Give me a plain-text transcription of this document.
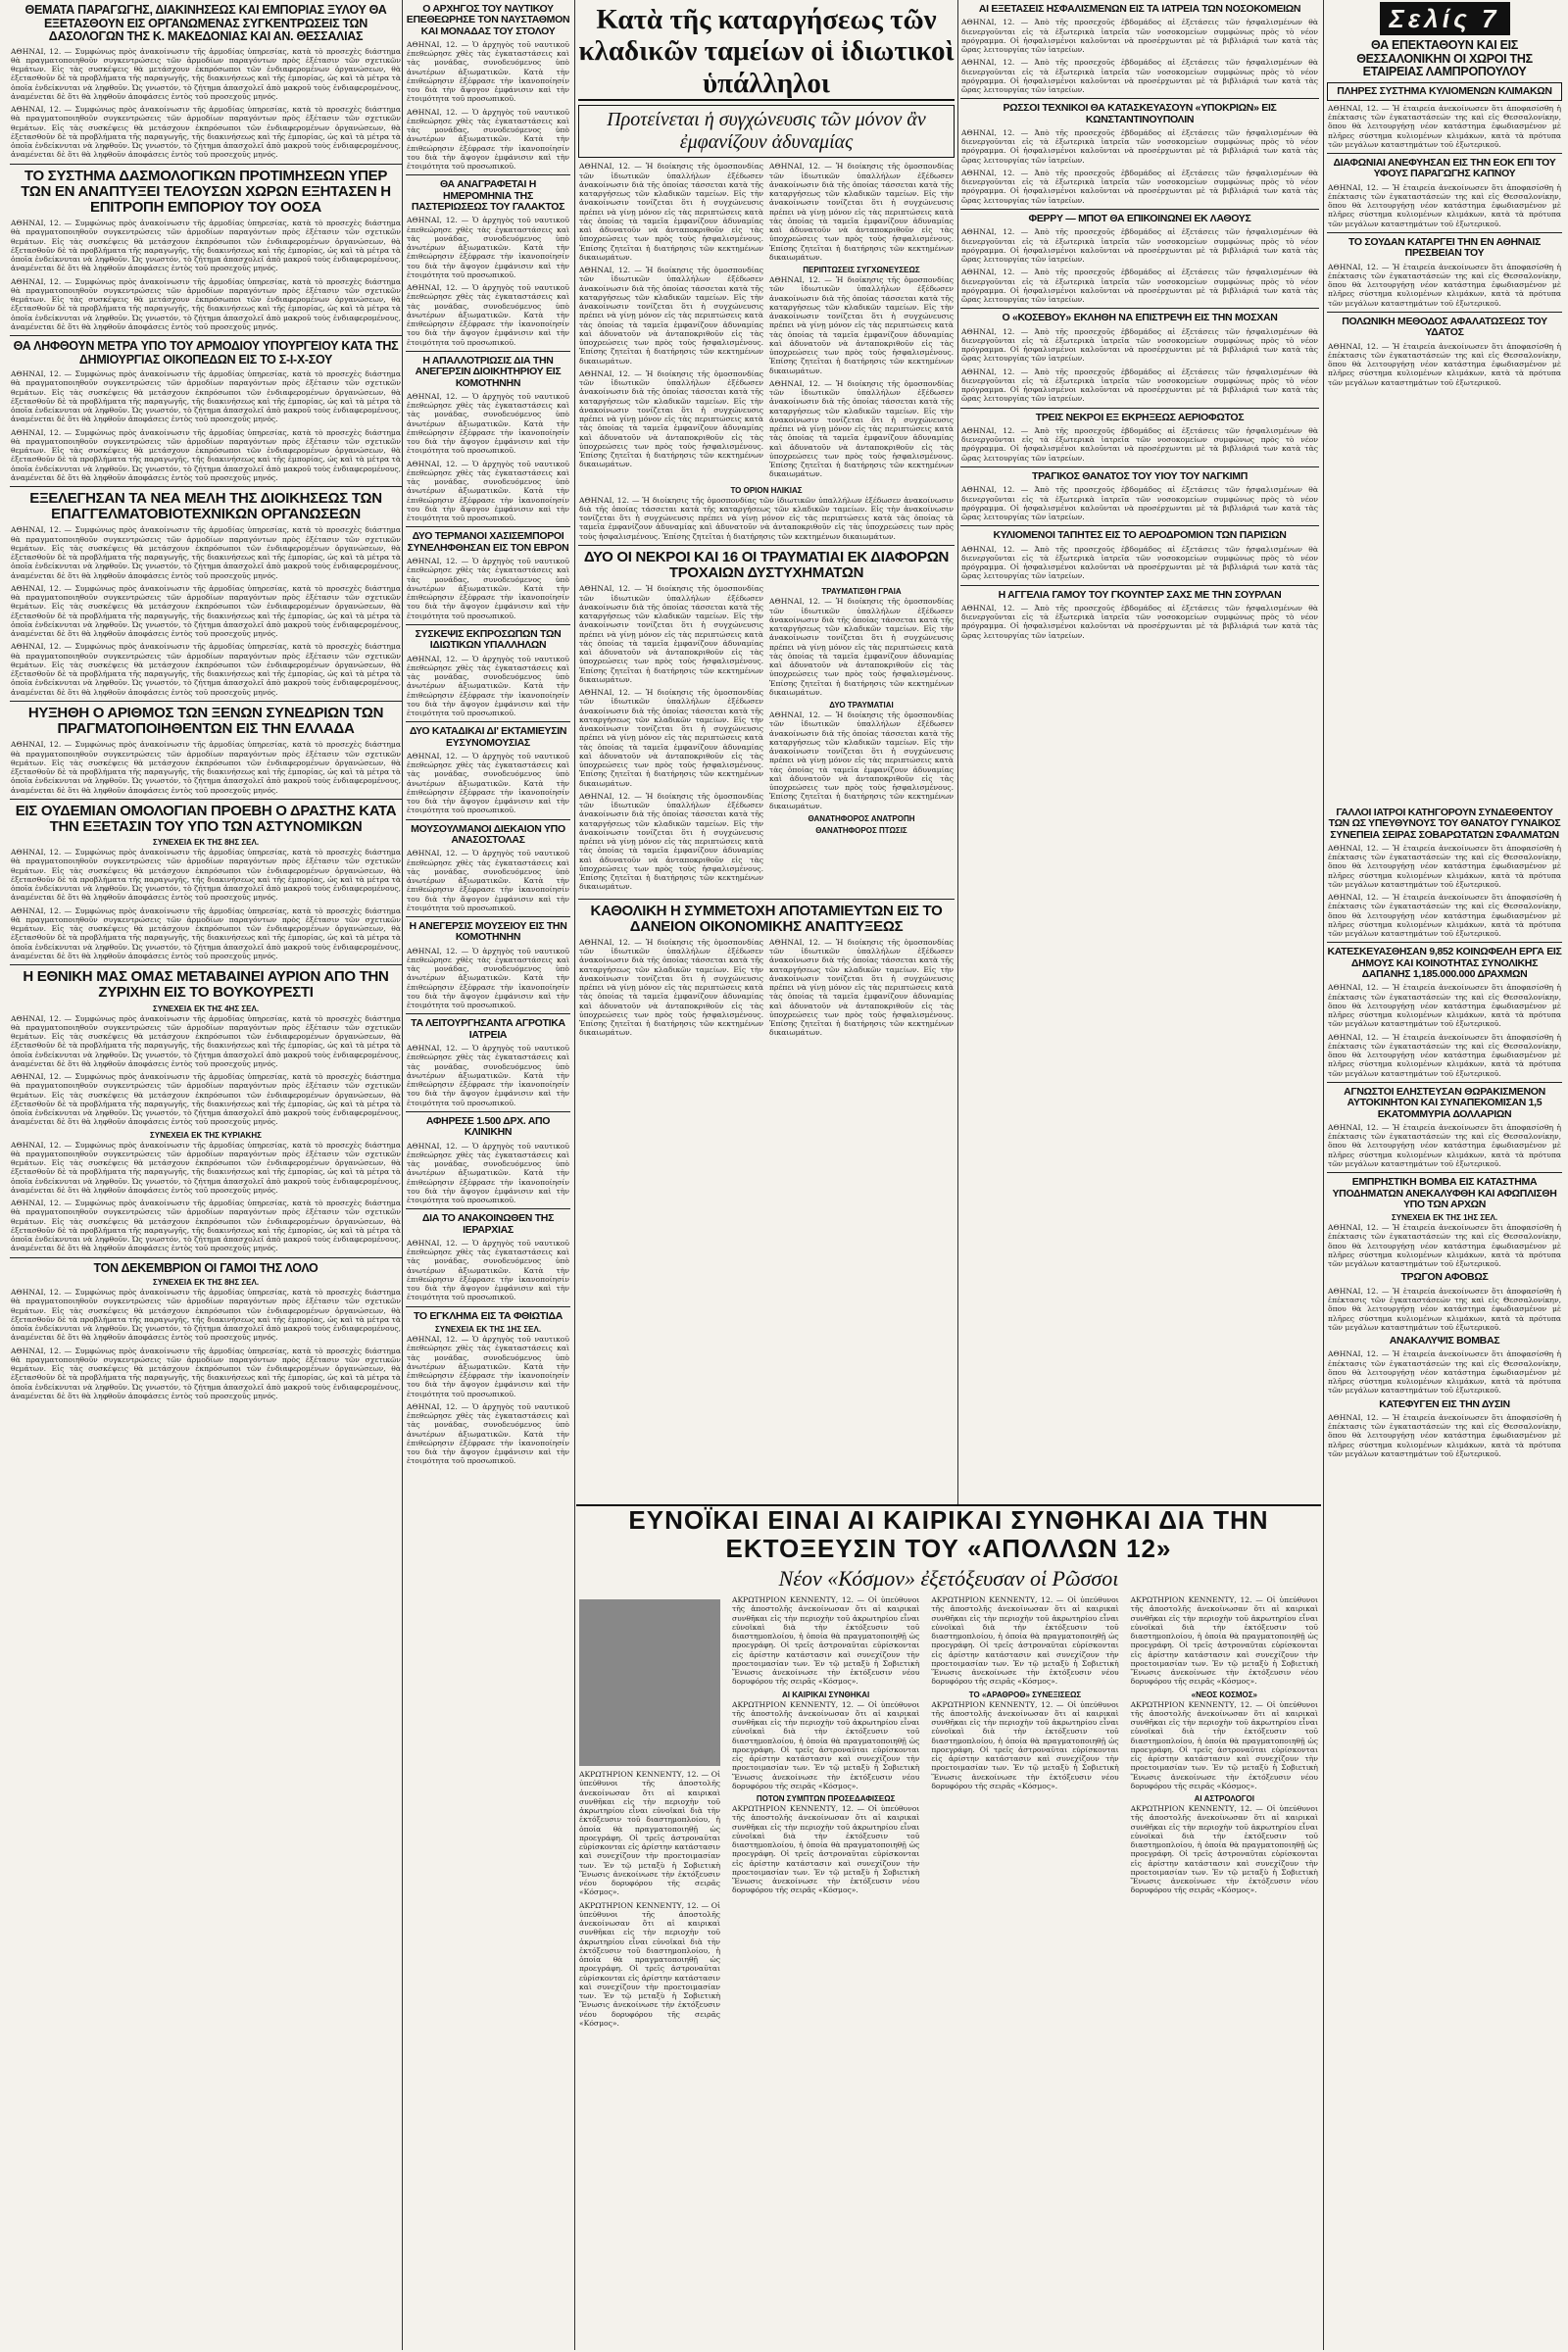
ΘΕΜΑΤΑ ΠΑΡΑΓΩΓΗΣ, ΔΙΑΚΙΝΗΣΕΩΣ ΚΑΙ ΕΜΠΟΡΙΑΣ ΞΥΛΟΥ ΘΑ ΕΞΕΤΑΣΘΟΥΝ ΕΙΣ ΟΡΓΑΝΩΜΕΝΑΣ ΣΥΓΚΕΝΤΡΩΣΕΙΣ ΤΩΝ ΔΑΣΟΛΟΓΩΝ ΤΗΣ Κ. ΜΑΚΕΔΟΝΙΑΣ ΚΑΙ ΑΝ. ΘΕΣΣΑΛΙΑΣ

ΑΘΗΝΑΙ, 12. — Συμφώνως πρὸς ἀνακοίνωσιν τῆς ἁρμοδίας ὑπηρεσίας, κατὰ τὸ προσεχὲς διάστημα θὰ πραγματοποιηθοῦν συγκεντρώσεις τῶν ἁρμοδίων παραγόντων πρὸς ἐξέτασιν τῶν σχετικῶν θεμάτων. Εἰς τὰς συσκέψεις θὰ μετάσχουν ἐκπρόσωποι τῶν ἐνδιαφερομένων ὀργανώσεων, θὰ ἐξετασθοῦν δὲ τὰ προβλήματα τῆς παραγωγῆς, τῆς διακινήσεως καὶ τῆς ἐμπορίας, ὡς καὶ τὰ μέτρα τὰ ὁποῖα ἐνδείκνυται νὰ ληφθοῦν. Ὡς γνωστόν, τὸ ζήτημα ἀπασχολεῖ ἀπὸ μακροῦ τοὺς ἐνδιαφερομένους, ἀναμένεται δὲ ὅτι θὰ ληφθοῦν ἀποφάσεις ἐντὸς τοῦ προσεχοῦς μηνός.

ΑΘΗΝΑΙ, 12. — Συμφώνως πρὸς ἀνακοίνωσιν τῆς ἁρμοδίας ὑπηρεσίας, κατὰ τὸ προσεχὲς διάστημα θὰ πραγματοποιηθοῦν συγκεντρώσεις τῶν ἁρμοδίων παραγόντων πρὸς ἐξέτασιν τῶν σχετικῶν θεμάτων. Εἰς τὰς συσκέψεις θὰ μετάσχουν ἐκπρόσωποι τῶν ἐνδιαφερομένων ὀργανώσεων, θὰ ἐξετασθοῦν δὲ τὰ προβλήματα τῆς παραγωγῆς, τῆς διακινήσεως καὶ τῆς ἐμπορίας, ὡς καὶ τὰ μέτρα τὰ ὁποῖα ἐνδείκνυται νὰ ληφθοῦν. Ὡς γνωστόν, τὸ ζήτημα ἀπασχολεῖ ἀπὸ μακροῦ τοὺς ἐνδιαφερομένους, ἀναμένεται δὲ ὅτι θὰ ληφθοῦν ἀποφάσεις ἐντὸς τοῦ προσεχοῦς μηνός.

ΤΟ ΣΥΣΤΗΜΑ ΔΑΣΜΟΛΟΓΙΚΩΝ ΠΡΟΤΙΜΗΣΕΩΝ ΥΠΕΡ ΤΩΝ ΕΝ ΑΝΑΠΤΥΞΕΙ ΤΕΛΟΥΣΩΝ ΧΩΡΩΝ ΕΞΗΤΑΣΕΝ Η ΕΠΙΤΡΟΠΗ ΕΜΠΟΡΙΟΥ ΤΟΥ ΟΟΣΑ

ΑΘΗΝΑΙ, 12. — Συμφώνως πρὸς ἀνακοίνωσιν τῆς ἁρμοδίας ὑπηρεσίας, κατὰ τὸ προσεχὲς διάστημα θὰ πραγματοποιηθοῦν συγκεντρώσεις τῶν ἁρμοδίων παραγόντων πρὸς ἐξέτασιν τῶν σχετικῶν θεμάτων. Εἰς τὰς συσκέψεις θὰ μετάσχουν ἐκπρόσωποι τῶν ἐνδιαφερομένων ὀργανώσεων, θὰ ἐξετασθοῦν δὲ τὰ προβλήματα τῆς παραγωγῆς, τῆς διακινήσεως καὶ τῆς ἐμπορίας, ὡς καὶ τὰ μέτρα τὰ ὁποῖα ἐνδείκνυται νὰ ληφθοῦν. Ὡς γνωστόν, τὸ ζήτημα ἀπασχολεῖ ἀπὸ μακροῦ τοὺς ἐνδιαφερομένους, ἀναμένεται δὲ ὅτι θὰ ληφθοῦν ἀποφάσεις ἐντὸς τοῦ προσεχοῦς μηνός.

ΑΘΗΝΑΙ, 12. — Συμφώνως πρὸς ἀνακοίνωσιν τῆς ἁρμοδίας ὑπηρεσίας, κατὰ τὸ προσεχὲς διάστημα θὰ πραγματοποιηθοῦν συγκεντρώσεις τῶν ἁρμοδίων παραγόντων πρὸς ἐξέτασιν τῶν σχετικῶν θεμάτων. Εἰς τὰς συσκέψεις θὰ μετάσχουν ἐκπρόσωποι τῶν ἐνδιαφερομένων ὀργανώσεων, θὰ ἐξετασθοῦν δὲ τὰ προβλήματα τῆς παραγωγῆς, τῆς διακινήσεως καὶ τῆς ἐμπορίας, ὡς καὶ τὰ μέτρα τὰ ὁποῖα ἐνδείκνυται νὰ ληφθοῦν. Ὡς γνωστόν, τὸ ζήτημα ἀπασχολεῖ ἀπὸ μακροῦ τοὺς ἐνδιαφερομένους, ἀναμένεται δὲ ὅτι θὰ ληφθοῦν ἀποφάσεις ἐντὸς τοῦ προσεχοῦς μηνός.

ΘΑ ΛΗΦΘΟΥΝ ΜΕΤΡΑ ΥΠΟ ΤΟΥ ΑΡΜΟΔΙΟΥ ΥΠΟΥΡΓΕΙΟΥ ΚΑΤΑ ΤΗΣ ΔΗΜΙΟΥΡΓΙΑΣ ΟΙΚΟΠΕΔΩΝ ΕΙΣ ΤΟ Σ-Ι-Χ-ΣΟΥ

ΑΘΗΝΑΙ, 12. — Συμφώνως πρὸς ἀνακοίνωσιν τῆς ἁρμοδίας ὑπηρεσίας, κατὰ τὸ προσεχὲς διάστημα θὰ πραγματοποιηθοῦν συγκεντρώσεις τῶν ἁρμοδίων παραγόντων πρὸς ἐξέτασιν τῶν σχετικῶν θεμάτων. Εἰς τὰς συσκέψεις θὰ μετάσχουν ἐκπρόσωποι τῶν ἐνδιαφερομένων ὀργανώσεων, θὰ ἐξετασθοῦν δὲ τὰ προβλήματα τῆς παραγωγῆς, τῆς διακινήσεως καὶ τῆς ἐμπορίας, ὡς καὶ τὰ μέτρα τὰ ὁποῖα ἐνδείκνυται νὰ ληφθοῦν. Ὡς γνωστόν, τὸ ζήτημα ἀπασχολεῖ ἀπὸ μακροῦ τοὺς ἐνδιαφερομένους, ἀναμένεται δὲ ὅτι θὰ ληφθοῦν ἀποφάσεις ἐντὸς τοῦ προσεχοῦς μηνός.

ΑΘΗΝΑΙ, 12. — Συμφώνως πρὸς ἀνακοίνωσιν τῆς ἁρμοδίας ὑπηρεσίας, κατὰ τὸ προσεχὲς διάστημα θὰ πραγματοποιηθοῦν συγκεντρώσεις τῶν ἁρμοδίων παραγόντων πρὸς ἐξέτασιν τῶν σχετικῶν θεμάτων. Εἰς τὰς συσκέψεις θὰ μετάσχουν ἐκπρόσωποι τῶν ἐνδιαφερομένων ὀργανώσεων, θὰ ἐξετασθοῦν δὲ τὰ προβλήματα τῆς παραγωγῆς, τῆς διακινήσεως καὶ τῆς ἐμπορίας, ὡς καὶ τὰ μέτρα τὰ ὁποῖα ἐνδείκνυται νὰ ληφθοῦν. Ὡς γνωστόν, τὸ ζήτημα ἀπασχολεῖ ἀπὸ μακροῦ τοὺς ἐνδιαφερομένους, ἀναμένεται δὲ ὅτι θὰ ληφθοῦν ἀποφάσεις ἐντὸς τοῦ προσεχοῦς μηνός.

ΕΞΕΛΕΓΗΣΑΝ ΤΑ ΝΕΑ ΜΕΛΗ ΤΗΣ ΔΙΟΙΚΗΣΕΩΣ ΤΩΝ ΕΠΑΓΓΕΛΜΑΤΟΒΙΟΤΕΧΝΙΚΩΝ ΟΡΓΑΝΩΣΕΩΝ

ΑΘΗΝΑΙ, 12. — Συμφώνως πρὸς ἀνακοίνωσιν τῆς ἁρμοδίας ὑπηρεσίας, κατὰ τὸ προσεχὲς διάστημα θὰ πραγματοποιηθοῦν συγκεντρώσεις τῶν ἁρμοδίων παραγόντων πρὸς ἐξέτασιν τῶν σχετικῶν θεμάτων. Εἰς τὰς συσκέψεις θὰ μετάσχουν ἐκπρόσωποι τῶν ἐνδιαφερομένων ὀργανώσεων, θὰ ἐξετασθοῦν δὲ τὰ προβλήματα τῆς παραγωγῆς, τῆς διακινήσεως καὶ τῆς ἐμπορίας, ὡς καὶ τὰ μέτρα τὰ ὁποῖα ἐνδείκνυται νὰ ληφθοῦν. Ὡς γνωστόν, τὸ ζήτημα ἀπασχολεῖ ἀπὸ μακροῦ τοὺς ἐνδιαφερομένους, ἀναμένεται δὲ ὅτι θὰ ληφθοῦν ἀποφάσεις ἐντὸς τοῦ προσεχοῦς μηνός.

ΑΘΗΝΑΙ, 12. — Συμφώνως πρὸς ἀνακοίνωσιν τῆς ἁρμοδίας ὑπηρεσίας, κατὰ τὸ προσεχὲς διάστημα θὰ πραγματοποιηθοῦν συγκεντρώσεις τῶν ἁρμοδίων παραγόντων πρὸς ἐξέτασιν τῶν σχετικῶν θεμάτων. Εἰς τὰς συσκέψεις θὰ μετάσχουν ἐκπρόσωποι τῶν ἐνδιαφερομένων ὀργανώσεων, θὰ ἐξετασθοῦν δὲ τὰ προβλήματα τῆς παραγωγῆς, τῆς διακινήσεως καὶ τῆς ἐμπορίας, ὡς καὶ τὰ μέτρα τὰ ὁποῖα ἐνδείκνυται νὰ ληφθοῦν. Ὡς γνωστόν, τὸ ζήτημα ἀπασχολεῖ ἀπὸ μακροῦ τοὺς ἐνδιαφερομένους, ἀναμένεται δὲ ὅτι θὰ ληφθοῦν ἀποφάσεις ἐντὸς τοῦ προσεχοῦς μηνός.

ΑΘΗΝΑΙ, 12. — Συμφώνως πρὸς ἀνακοίνωσιν τῆς ἁρμοδίας ὑπηρεσίας, κατὰ τὸ προσεχὲς διάστημα θὰ πραγματοποιηθοῦν συγκεντρώσεις τῶν ἁρμοδίων παραγόντων πρὸς ἐξέτασιν τῶν σχετικῶν θεμάτων. Εἰς τὰς συσκέψεις θὰ μετάσχουν ἐκπρόσωποι τῶν ἐνδιαφερομένων ὀργανώσεων, θὰ ἐξετασθοῦν δὲ τὰ προβλήματα τῆς παραγωγῆς, τῆς διακινήσεως καὶ τῆς ἐμπορίας, ὡς καὶ τὰ μέτρα τὰ ὁποῖα ἐνδείκνυται νὰ ληφθοῦν. Ὡς γνωστόν, τὸ ζήτημα ἀπασχολεῖ ἀπὸ μακροῦ τοὺς ἐνδιαφερομένους, ἀναμένεται δὲ ὅτι θὰ ληφθοῦν ἀποφάσεις ἐντὸς τοῦ προσεχοῦς μηνός.

ΗΥΞΗΘΗ Ο ΑΡΙΘΜΟΣ ΤΩΝ ΞΕΝΩΝ ΣΥΝΕΔΡΙΩΝ ΤΩΝ ΠΡΑΓΜΑΤΟΠΟΙΗΘΕΝΤΩΝ ΕΙΣ ΤΗΝ ΕΛΛΑΔΑ

ΑΘΗΝΑΙ, 12. — Συμφώνως πρὸς ἀνακοίνωσιν τῆς ἁρμοδίας ὑπηρεσίας, κατὰ τὸ προσεχὲς διάστημα θὰ πραγματοποιηθοῦν συγκεντρώσεις τῶν ἁρμοδίων παραγόντων πρὸς ἐξέτασιν τῶν σχετικῶν θεμάτων. Εἰς τὰς συσκέψεις θὰ μετάσχουν ἐκπρόσωποι τῶν ἐνδιαφερομένων ὀργανώσεων, θὰ ἐξετασθοῦν δὲ τὰ προβλήματα τῆς παραγωγῆς, τῆς διακινήσεως καὶ τῆς ἐμπορίας, ὡς καὶ τὰ μέτρα τὰ ὁποῖα ἐνδείκνυται νὰ ληφθοῦν. Ὡς γνωστόν, τὸ ζήτημα ἀπασχολεῖ ἀπὸ μακροῦ τοὺς ἐνδιαφερομένους, ἀναμένεται δὲ ὅτι θὰ ληφθοῦν ἀποφάσεις ἐντὸς τοῦ προσεχοῦς μηνός.

ΕΙΣ ΟΥΔΕΜΙΑΝ ΟΜΟΛΟΓΙΑΝ ΠΡΟΕΒΗ Ο ΔΡΑΣΤΗΣ ΚΑΤΑ ΤΗΝ ΕΞΕΤΑΣΙΝ ΤΟΥ ΥΠΟ ΤΩΝ ΑΣΤΥΝΟΜΙΚΩΝ
ΣΥΝΕΧΕΙΑ ΕΚ ΤΗΣ 8ΗΣ ΣΕΛ.

ΑΘΗΝΑΙ, 12. — Συμφώνως πρὸς ἀνακοίνωσιν τῆς ἁρμοδίας ὑπηρεσίας, κατὰ τὸ προσεχὲς διάστημα θὰ πραγματοποιηθοῦν συγκεντρώσεις τῶν ἁρμοδίων παραγόντων πρὸς ἐξέτασιν τῶν σχετικῶν θεμάτων. Εἰς τὰς συσκέψεις θὰ μετάσχουν ἐκπρόσωποι τῶν ἐνδιαφερομένων ὀργανώσεων, θὰ ἐξετασθοῦν δὲ τὰ προβλήματα τῆς παραγωγῆς, τῆς διακινήσεως καὶ τῆς ἐμπορίας, ὡς καὶ τὰ μέτρα τὰ ὁποῖα ἐνδείκνυται νὰ ληφθοῦν. Ὡς γνωστόν, τὸ ζήτημα ἀπασχολεῖ ἀπὸ μακροῦ τοὺς ἐνδιαφερομένους, ἀναμένεται δὲ ὅτι θὰ ληφθοῦν ἀποφάσεις ἐντὸς τοῦ προσεχοῦς μηνός.

ΑΘΗΝΑΙ, 12. — Συμφώνως πρὸς ἀνακοίνωσιν τῆς ἁρμοδίας ὑπηρεσίας, κατὰ τὸ προσεχὲς διάστημα θὰ πραγματοποιηθοῦν συγκεντρώσεις τῶν ἁρμοδίων παραγόντων πρὸς ἐξέτασιν τῶν σχετικῶν θεμάτων. Εἰς τὰς συσκέψεις θὰ μετάσχουν ἐκπρόσωποι τῶν ἐνδιαφερομένων ὀργανώσεων, θὰ ἐξετασθοῦν δὲ τὰ προβλήματα τῆς παραγωγῆς, τῆς διακινήσεως καὶ τῆς ἐμπορίας, ὡς καὶ τὰ μέτρα τὰ ὁποῖα ἐνδείκνυται νὰ ληφθοῦν. Ὡς γνωστόν, τὸ ζήτημα ἀπασχολεῖ ἀπὸ μακροῦ τοὺς ἐνδιαφερομένους, ἀναμένεται δὲ ὅτι θὰ ληφθοῦν ἀποφάσεις ἐντὸς τοῦ προσεχοῦς μηνός.

Η ΕΘΝΙΚΗ ΜΑΣ ΟΜΑΣ ΜΕΤΑΒΑΙΝΕΙ ΑΥΡΙΟΝ ΑΠΟ ΤΗΝ ΖΥΡΙΧΗΝ ΕΙΣ ΤΟ ΒΟΥΚΟΥΡΕΣΤΙ
ΣΥΝΕΧΕΙΑ ΕΚ ΤΗΣ 4ΗΣ ΣΕΛ.

ΑΘΗΝΑΙ, 12. — Συμφώνως πρὸς ἀνακοίνωσιν τῆς ἁρμοδίας ὑπηρεσίας, κατὰ τὸ προσεχὲς διάστημα θὰ πραγματοποιηθοῦν συγκεντρώσεις τῶν ἁρμοδίων παραγόντων πρὸς ἐξέτασιν τῶν σχετικῶν θεμάτων. Εἰς τὰς συσκέψεις θὰ μετάσχουν ἐκπρόσωποι τῶν ἐνδιαφερομένων ὀργανώσεων, θὰ ἐξετασθοῦν δὲ τὰ προβλήματα τῆς παραγωγῆς, τῆς διακινήσεως καὶ τῆς ἐμπορίας, ὡς καὶ τὰ μέτρα τὰ ὁποῖα ἐνδείκνυται νὰ ληφθοῦν. Ὡς γνωστόν, τὸ ζήτημα ἀπασχολεῖ ἀπὸ μακροῦ τοὺς ἐνδιαφερομένους, ἀναμένεται δὲ ὅτι θὰ ληφθοῦν ἀποφάσεις ἐντὸς τοῦ προσεχοῦς μηνός.

ΑΘΗΝΑΙ, 12. — Συμφώνως πρὸς ἀνακοίνωσιν τῆς ἁρμοδίας ὑπηρεσίας, κατὰ τὸ προσεχὲς διάστημα θὰ πραγματοποιηθοῦν συγκεντρώσεις τῶν ἁρμοδίων παραγόντων πρὸς ἐξέτασιν τῶν σχετικῶν θεμάτων. Εἰς τὰς συσκέψεις θὰ μετάσχουν ἐκπρόσωποι τῶν ἐνδιαφερομένων ὀργανώσεων, θὰ ἐξετασθοῦν δὲ τὰ προβλήματα τῆς παραγωγῆς, τῆς διακινήσεως καὶ τῆς ἐμπορίας, ὡς καὶ τὰ μέτρα τὰ ὁποῖα ἐνδείκνυται νὰ ληφθοῦν. Ὡς γνωστόν, τὸ ζήτημα ἀπασχολεῖ ἀπὸ μακροῦ τοὺς ἐνδιαφερομένους, ἀναμένεται δὲ ὅτι θὰ ληφθοῦν ἀποφάσεις ἐντὸς τοῦ προσεχοῦς μηνός.

ΣΥΝΕΧΕΙΑ ΕΚ ΤΗΣ ΚΥΡΙΑΚΗΣ

ΑΘΗΝΑΙ, 12. — Συμφώνως πρὸς ἀνακοίνωσιν τῆς ἁρμοδίας ὑπηρεσίας, κατὰ τὸ προσεχὲς διάστημα θὰ πραγματοποιηθοῦν συγκεντρώσεις τῶν ἁρμοδίων παραγόντων πρὸς ἐξέτασιν τῶν σχετικῶν θεμάτων. Εἰς τὰς συσκέψεις θὰ μετάσχουν ἐκπρόσωποι τῶν ἐνδιαφερομένων ὀργανώσεων, θὰ ἐξετασθοῦν δὲ τὰ προβλήματα τῆς παραγωγῆς, τῆς διακινήσεως καὶ τῆς ἐμπορίας, ὡς καὶ τὰ μέτρα τὰ ὁποῖα ἐνδείκνυται νὰ ληφθοῦν. Ὡς γνωστόν, τὸ ζήτημα ἀπασχολεῖ ἀπὸ μακροῦ τοὺς ἐνδιαφερομένους, ἀναμένεται δὲ ὅτι θὰ ληφθοῦν ἀποφάσεις ἐντὸς τοῦ προσεχοῦς μηνός.

ΑΘΗΝΑΙ, 12. — Συμφώνως πρὸς ἀνακοίνωσιν τῆς ἁρμοδίας ὑπηρεσίας, κατὰ τὸ προσεχὲς διάστημα θὰ πραγματοποιηθοῦν συγκεντρώσεις τῶν ἁρμοδίων παραγόντων πρὸς ἐξέτασιν τῶν σχετικῶν θεμάτων. Εἰς τὰς συσκέψεις θὰ μετάσχουν ἐκπρόσωποι τῶν ἐνδιαφερομένων ὀργανώσεων, θὰ ἐξετασθοῦν δὲ τὰ προβλήματα τῆς παραγωγῆς, τῆς διακινήσεως καὶ τῆς ἐμπορίας, ὡς καὶ τὰ μέτρα τὰ ὁποῖα ἐνδείκνυται νὰ ληφθοῦν. Ὡς γνωστόν, τὸ ζήτημα ἀπασχολεῖ ἀπὸ μακροῦ τοὺς ἐνδιαφερομένους, ἀναμένεται δὲ ὅτι θὰ ληφθοῦν ἀποφάσεις ἐντὸς τοῦ προσεχοῦς μηνός.

ΤΟΝ ΔΕΚΕΜΒΡΙΟΝ ΟΙ ΓΑΜΟΙ ΤΗΣ ΛΟΛΟ
ΣΥΝΕΧΕΙΑ ΕΚ ΤΗΣ 8ΗΣ ΣΕΛ.

ΑΘΗΝΑΙ, 12. — Συμφώνως πρὸς ἀνακοίνωσιν τῆς ἁρμοδίας ὑπηρεσίας, κατὰ τὸ προσεχὲς διάστημα θὰ πραγματοποιηθοῦν συγκεντρώσεις τῶν ἁρμοδίων παραγόντων πρὸς ἐξέτασιν τῶν σχετικῶν θεμάτων. Εἰς τὰς συσκέψεις θὰ μετάσχουν ἐκπρόσωποι τῶν ἐνδιαφερομένων ὀργανώσεων, θὰ ἐξετασθοῦν δὲ τὰ προβλήματα τῆς παραγωγῆς, τῆς διακινήσεως καὶ τῆς ἐμπορίας, ὡς καὶ τὰ μέτρα τὰ ὁποῖα ἐνδείκνυται νὰ ληφθοῦν. Ὡς γνωστόν, τὸ ζήτημα ἀπασχολεῖ ἀπὸ μακροῦ τοὺς ἐνδιαφερομένους, ἀναμένεται δὲ ὅτι θὰ ληφθοῦν ἀποφάσεις ἐντὸς τοῦ προσεχοῦς μηνός.

ΑΘΗΝΑΙ, 12. — Συμφώνως πρὸς ἀνακοίνωσιν τῆς ἁρμοδίας ὑπηρεσίας, κατὰ τὸ προσεχὲς διάστημα θὰ πραγματοποιηθοῦν συγκεντρώσεις τῶν ἁρμοδίων παραγόντων πρὸς ἐξέτασιν τῶν σχετικῶν θεμάτων. Εἰς τὰς συσκέψεις θὰ μετάσχουν ἐκπρόσωποι τῶν ἐνδιαφερομένων ὀργανώσεων, θὰ ἐξετασθοῦν δὲ τὰ προβλήματα τῆς παραγωγῆς, τῆς διακινήσεως καὶ τῆς ἐμπορίας, ὡς καὶ τὰ μέτρα τὰ ὁποῖα ἐνδείκνυται νὰ ληφθοῦν. Ὡς γνωστόν, τὸ ζήτημα ἀπασχολεῖ ἀπὸ μακροῦ τοὺς ἐνδιαφερομένους, ἀναμένεται δὲ ὅτι θὰ ληφθοῦν ἀποφάσεις ἐντὸς τοῦ προσεχοῦς μηνός.

Ο ΑΡΧΗΓΟΣ ΤΟΥ ΝΑΥΤΙΚΟΥ ΕΠΕΘΕΩΡΗΣΕ ΤΟΝ ΝΑΥΣΤΑΘΜΟΝ ΚΑΙ ΜΟΝΑΔΑΣ ΤΟΥ ΣΤΟΛΟΥ

ΑΘΗΝΑΙ, 12. — Ὁ ἀρχηγὸς τοῦ ναυτικοῦ ἐπεθεώρησε χθὲς τὰς ἐγκαταστάσεις καὶ τὰς μονάδας, συνοδευόμενος ὑπὸ ἀνωτέρων ἀξιωματικῶν. Κατὰ τὴν ἐπιθεώρησιν ἐξέφρασε τὴν ἱκανοποίησίν του διὰ τὴν ἄψογον ἐμφάνισιν καὶ τὴν ἑτοιμότητα τοῦ προσωπικοῦ.

ΑΘΗΝΑΙ, 12. — Ὁ ἀρχηγὸς τοῦ ναυτικοῦ ἐπεθεώρησε χθὲς τὰς ἐγκαταστάσεις καὶ τὰς μονάδας, συνοδευόμενος ὑπὸ ἀνωτέρων ἀξιωματικῶν. Κατὰ τὴν ἐπιθεώρησιν ἐξέφρασε τὴν ἱκανοποίησίν του διὰ τὴν ἄψογον ἐμφάνισιν καὶ τὴν ἑτοιμότητα τοῦ προσωπικοῦ.

ΘΑ ΑΝΑΓΡΑΦΕΤΑΙ Η ΗΜΕΡΟΜΗΝΙΑ ΤΗΣ ΠΑΣΤΕΡΙΩΣΕΩΣ ΤΟΥ ΓΑΛΑΚΤΟΣ

ΑΘΗΝΑΙ, 12. — Ὁ ἀρχηγὸς τοῦ ναυτικοῦ ἐπεθεώρησε χθὲς τὰς ἐγκαταστάσεις καὶ τὰς μονάδας, συνοδευόμενος ὑπὸ ἀνωτέρων ἀξιωματικῶν. Κατὰ τὴν ἐπιθεώρησιν ἐξέφρασε τὴν ἱκανοποίησίν του διὰ τὴν ἄψογον ἐμφάνισιν καὶ τὴν ἑτοιμότητα τοῦ προσωπικοῦ.

ΑΘΗΝΑΙ, 12. — Ὁ ἀρχηγὸς τοῦ ναυτικοῦ ἐπεθεώρησε χθὲς τὰς ἐγκαταστάσεις καὶ τὰς μονάδας, συνοδευόμενος ὑπὸ ἀνωτέρων ἀξιωματικῶν. Κατὰ τὴν ἐπιθεώρησιν ἐξέφρασε τὴν ἱκανοποίησίν του διὰ τὴν ἄψογον ἐμφάνισιν καὶ τὴν ἑτοιμότητα τοῦ προσωπικοῦ.

Η ΑΠΑΛΛΟΤΡΙΩΣΙΣ ΔΙΑ ΤΗΝ ΑΝΕΓΕΡΣΙΝ ΔΙΟΙΚΗΤΗΡΙΟΥ ΕΙΣ ΚΟΜΟΤΗΝΗΝ

ΑΘΗΝΑΙ, 12. — Ὁ ἀρχηγὸς τοῦ ναυτικοῦ ἐπεθεώρησε χθὲς τὰς ἐγκαταστάσεις καὶ τὰς μονάδας, συνοδευόμενος ὑπὸ ἀνωτέρων ἀξιωματικῶν. Κατὰ τὴν ἐπιθεώρησιν ἐξέφρασε τὴν ἱκανοποίησίν του διὰ τὴν ἄψογον ἐμφάνισιν καὶ τὴν ἑτοιμότητα τοῦ προσωπικοῦ.

ΑΘΗΝΑΙ, 12. — Ὁ ἀρχηγὸς τοῦ ναυτικοῦ ἐπεθεώρησε χθὲς τὰς ἐγκαταστάσεις καὶ τὰς μονάδας, συνοδευόμενος ὑπὸ ἀνωτέρων ἀξιωματικῶν. Κατὰ τὴν ἐπιθεώρησιν ἐξέφρασε τὴν ἱκανοποίησίν του διὰ τὴν ἄψογον ἐμφάνισιν καὶ τὴν ἑτοιμότητα τοῦ προσωπικοῦ.

ΔΥΟ ΤΕΡΜΑΝΟΙ ΧΑΣΙΣΕΜΠΟΡΟΙ ΣΥΝΕΛΗΦΘΗΣΑΝ ΕΙΣ ΤΟΝ ΕΒΡΟΝ

ΑΘΗΝΑΙ, 12. — Ὁ ἀρχηγὸς τοῦ ναυτικοῦ ἐπεθεώρησε χθὲς τὰς ἐγκαταστάσεις καὶ τὰς μονάδας, συνοδευόμενος ὑπὸ ἀνωτέρων ἀξιωματικῶν. Κατὰ τὴν ἐπιθεώρησιν ἐξέφρασε τὴν ἱκανοποίησίν του διὰ τὴν ἄψογον ἐμφάνισιν καὶ τὴν ἑτοιμότητα τοῦ προσωπικοῦ.

ΣΥΣΚΕΨΙΣ ΕΚΠΡΟΣΩΠΩΝ ΤΩΝ ΙΔΙΩΤΙΚΩΝ ΥΠΑΛΛΗΛΩΝ

ΑΘΗΝΑΙ, 12. — Ὁ ἀρχηγὸς τοῦ ναυτικοῦ ἐπεθεώρησε χθὲς τὰς ἐγκαταστάσεις καὶ τὰς μονάδας, συνοδευόμενος ὑπὸ ἀνωτέρων ἀξιωματικῶν. Κατὰ τὴν ἐπιθεώρησιν ἐξέφρασε τὴν ἱκανοποίησίν του διὰ τὴν ἄψογον ἐμφάνισιν καὶ τὴν ἑτοιμότητα τοῦ προσωπικοῦ.

ΔΥΟ ΚΑΤΑΔΙΚΑΙ ΔΙ' ΕΚΤΑΜΙΕΥΣΙΝ ΕΥΣΥΝΟΜΟΥΣΙΑΣ

ΑΘΗΝΑΙ, 12. — Ὁ ἀρχηγὸς τοῦ ναυτικοῦ ἐπεθεώρησε χθὲς τὰς ἐγκαταστάσεις καὶ τὰς μονάδας, συνοδευόμενος ὑπὸ ἀνωτέρων ἀξιωματικῶν. Κατὰ τὴν ἐπιθεώρησιν ἐξέφρασε τὴν ἱκανοποίησίν του διὰ τὴν ἄψογον ἐμφάνισιν καὶ τὴν ἑτοιμότητα τοῦ προσωπικοῦ.

ΜΟΥΣΟΥΛΜΑΝΟΙ ΔΙΕΚΑΙΟΝ ΥΠΟ ΑΝΑΣΟΣΤΟΛΑΣ

ΑΘΗΝΑΙ, 12. — Ὁ ἀρχηγὸς τοῦ ναυτικοῦ ἐπεθεώρησε χθὲς τὰς ἐγκαταστάσεις καὶ τὰς μονάδας, συνοδευόμενος ὑπὸ ἀνωτέρων ἀξιωματικῶν. Κατὰ τὴν ἐπιθεώρησιν ἐξέφρασε τὴν ἱκανοποίησίν του διὰ τὴν ἄψογον ἐμφάνισιν καὶ τὴν ἑτοιμότητα τοῦ προσωπικοῦ.

Η ΑΝΕΓΕΡΣΙΣ ΜΟΥΣΕΙΟΥ ΕΙΣ ΤΗΝ ΚΟΜΟΤΗΝΗΝ

ΑΘΗΝΑΙ, 12. — Ὁ ἀρχηγὸς τοῦ ναυτικοῦ ἐπεθεώρησε χθὲς τὰς ἐγκαταστάσεις καὶ τὰς μονάδας, συνοδευόμενος ὑπὸ ἀνωτέρων ἀξιωματικῶν. Κατὰ τὴν ἐπιθεώρησιν ἐξέφρασε τὴν ἱκανοποίησίν του διὰ τὴν ἄψογον ἐμφάνισιν καὶ τὴν ἑτοιμότητα τοῦ προσωπικοῦ.

ΤΑ ΛΕΙΤΟΥΡΓΗΣΑΝΤΑ ΑΓΡΟΤΙΚΑ ΙΑΤΡΕΙΑ

ΑΘΗΝΑΙ, 12. — Ὁ ἀρχηγὸς τοῦ ναυτικοῦ ἐπεθεώρησε χθὲς τὰς ἐγκαταστάσεις καὶ τὰς μονάδας, συνοδευόμενος ὑπὸ ἀνωτέρων ἀξιωματικῶν. Κατὰ τὴν ἐπιθεώρησιν ἐξέφρασε τὴν ἱκανοποίησίν του διὰ τὴν ἄψογον ἐμφάνισιν καὶ τὴν ἑτοιμότητα τοῦ προσωπικοῦ.

ΑΦΗΡΕΣΕ 1.500 ΔΡΧ. ΑΠΟ ΚΛΙΝΙΚΗΝ

ΑΘΗΝΑΙ, 12. — Ὁ ἀρχηγὸς τοῦ ναυτικοῦ ἐπεθεώρησε χθὲς τὰς ἐγκαταστάσεις καὶ τὰς μονάδας, συνοδευόμενος ὑπὸ ἀνωτέρων ἀξιωματικῶν. Κατὰ τὴν ἐπιθεώρησιν ἐξέφρασε τὴν ἱκανοποίησίν του διὰ τὴν ἄψογον ἐμφάνισιν καὶ τὴν ἑτοιμότητα τοῦ προσωπικοῦ.

ΔΙΑ ΤΟ ΑΝΑΚΟΙΝΩΘΕΝ ΤΗΣ ΙΕΡΑΡΧΙΑΣ

ΑΘΗΝΑΙ, 12. — Ὁ ἀρχηγὸς τοῦ ναυτικοῦ ἐπεθεώρησε χθὲς τὰς ἐγκαταστάσεις καὶ τὰς μονάδας, συνοδευόμενος ὑπὸ ἀνωτέρων ἀξιωματικῶν. Κατὰ τὴν ἐπιθεώρησιν ἐξέφρασε τὴν ἱκανοποίησίν του διὰ τὴν ἄψογον ἐμφάνισιν καὶ τὴν ἑτοιμότητα τοῦ προσωπικοῦ.

ΤΟ ΕΓΚΛΗΜΑ ΕΙΣ ΤΑ ΦΘΙΩΤΙΔΑ
ΣΥΝΕΧΕΙΑ ΕΚ ΤΗΣ 1ΗΣ ΣΕΛ.

ΑΘΗΝΑΙ, 12. — Ὁ ἀρχηγὸς τοῦ ναυτικοῦ ἐπεθεώρησε χθὲς τὰς ἐγκαταστάσεις καὶ τὰς μονάδας, συνοδευόμενος ὑπὸ ἀνωτέρων ἀξιωματικῶν. Κατὰ τὴν ἐπιθεώρησιν ἐξέφρασε τὴν ἱκανοποίησίν του διὰ τὴν ἄψογον ἐμφάνισιν καὶ τὴν ἑτοιμότητα τοῦ προσωπικοῦ.

ΑΘΗΝΑΙ, 12. — Ὁ ἀρχηγὸς τοῦ ναυτικοῦ ἐπεθεώρησε χθὲς τὰς ἐγκαταστάσεις καὶ τὰς μονάδας, συνοδευόμενος ὑπὸ ἀνωτέρων ἀξιωματικῶν. Κατὰ τὴν ἐπιθεώρησιν ἐξέφρασε τὴν ἱκανοποίησίν του διὰ τὴν ἄψογον ἐμφάνισιν καὶ τὴν ἑτοιμότητα τοῦ προσωπικοῦ.

Κατὰ τῆς καταργήσεως τῶν κλαδικῶν ταμείων οἱ ἰδιωτικοὶ ὑπάλληλοι
Προτείνεται ἡ συγχώνευσις τῶν μόνον ἂν ἐμφανίζουν ἀδυναμίας

ΑΘΗΝΑΙ, 12. — Ἡ διοίκησις τῆς ὁμοσπονδίας τῶν ἰδιωτικῶν ὑπαλλήλων ἐξέδωσεν ἀνακοίνωσιν διὰ τῆς ὁποίας τάσσεται κατὰ τῆς καταργήσεως τῶν κλαδικῶν ταμείων. Εἰς τὴν ἀνακοίνωσιν τονίζεται ὅτι ἡ συγχώνευσις πρέπει νὰ γίνῃ μόνον εἰς τὰς περιπτώσεις κατὰ τὰς ὁποίας τὰ ταμεῖα ἐμφανίζουν ἀδυναμίας καὶ ἀδυνατοῦν νὰ ἀνταποκριθοῦν εἰς τὰς ὑποχρεώσεις των πρὸς τοὺς ἠσφαλισμένους. Ἐπίσης ζητεῖται ἡ διατήρησις τῶν κεκτημένων δικαιωμάτων.

ΑΘΗΝΑΙ, 12. — Ἡ διοίκησις τῆς ὁμοσπονδίας τῶν ἰδιωτικῶν ὑπαλλήλων ἐξέδωσεν ἀνακοίνωσιν διὰ τῆς ὁποίας τάσσεται κατὰ τῆς καταργήσεως τῶν κλαδικῶν ταμείων. Εἰς τὴν ἀνακοίνωσιν τονίζεται ὅτι ἡ συγχώνευσις πρέπει νὰ γίνῃ μόνον εἰς τὰς περιπτώσεις κατὰ τὰς ὁποίας τὰ ταμεῖα ἐμφανίζουν ἀδυναμίας καὶ ἀδυνατοῦν νὰ ἀνταποκριθοῦν εἰς τὰς ὑποχρεώσεις των πρὸς τοὺς ἠσφαλισμένους. Ἐπίσης ζητεῖται ἡ διατήρησις τῶν κεκτημένων δικαιωμάτων.

ΑΘΗΝΑΙ, 12. — Ἡ διοίκησις τῆς ὁμοσπονδίας τῶν ἰδιωτικῶν ὑπαλλήλων ἐξέδωσεν ἀνακοίνωσιν διὰ τῆς ὁποίας τάσσεται κατὰ τῆς καταργήσεως τῶν κλαδικῶν ταμείων. Εἰς τὴν ἀνακοίνωσιν τονίζεται ὅτι ἡ συγχώνευσις πρέπει νὰ γίνῃ μόνον εἰς τὰς περιπτώσεις κατὰ τὰς ὁποίας τὰ ταμεῖα ἐμφανίζουν ἀδυναμίας καὶ ἀδυνατοῦν νὰ ἀνταποκριθοῦν εἰς τὰς ὑποχρεώσεις των πρὸς τοὺς ἠσφαλισμένους. Ἐπίσης ζητεῖται ἡ διατήρησις τῶν κεκτημένων δικαιωμάτων.

ΑΘΗΝΑΙ, 12. — Ἡ διοίκησις τῆς ὁμοσπονδίας τῶν ἰδιωτικῶν ὑπαλλήλων ἐξέδωσεν ἀνακοίνωσιν διὰ τῆς ὁποίας τάσσεται κατὰ τῆς καταργήσεως τῶν κλαδικῶν ταμείων. Εἰς τὴν ἀνακοίνωσιν τονίζεται ὅτι ἡ συγχώνευσις πρέπει νὰ γίνῃ μόνον εἰς τὰς περιπτώσεις κατὰ τὰς ὁποίας τὰ ταμεῖα ἐμφανίζουν ἀδυναμίας καὶ ἀδυνατοῦν νὰ ἀνταποκριθοῦν εἰς τὰς ὑποχρεώσεις των πρὸς τοὺς ἠσφαλισμένους. Ἐπίσης ζητεῖται ἡ διατήρησις τῶν κεκτημένων δικαιωμάτων.

ΠΕΡΙΠΤΩΣΕΙΣ ΣΥΓΧΩΝΕΥΣΕΩΣ

ΑΘΗΝΑΙ, 12. — Ἡ διοίκησις τῆς ὁμοσπονδίας τῶν ἰδιωτικῶν ὑπαλλήλων ἐξέδωσεν ἀνακοίνωσιν διὰ τῆς ὁποίας τάσσεται κατὰ τῆς καταργήσεως τῶν κλαδικῶν ταμείων. Εἰς τὴν ἀνακοίνωσιν τονίζεται ὅτι ἡ συγχώνευσις πρέπει νὰ γίνῃ μόνον εἰς τὰς περιπτώσεις κατὰ τὰς ὁποίας τὰ ταμεῖα ἐμφανίζουν ἀδυναμίας καὶ ἀδυνατοῦν νὰ ἀνταποκριθοῦν εἰς τὰς ὑποχρεώσεις των πρὸς τοὺς ἠσφαλισμένους. Ἐπίσης ζητεῖται ἡ διατήρησις τῶν κεκτημένων δικαιωμάτων.

ΑΘΗΝΑΙ, 12. — Ἡ διοίκησις τῆς ὁμοσπονδίας τῶν ἰδιωτικῶν ὑπαλλήλων ἐξέδωσεν ἀνακοίνωσιν διὰ τῆς ὁποίας τάσσεται κατὰ τῆς καταργήσεως τῶν κλαδικῶν ταμείων. Εἰς τὴν ἀνακοίνωσιν τονίζεται ὅτι ἡ συγχώνευσις πρέπει νὰ γίνῃ μόνον εἰς τὰς περιπτώσεις κατὰ τὰς ὁποίας τὰ ταμεῖα ἐμφανίζουν ἀδυναμίας καὶ ἀδυνατοῦν νὰ ἀνταποκριθοῦν εἰς τὰς ὑποχρεώσεις των πρὸς τοὺς ἠσφαλισμένους. Ἐπίσης ζητεῖται ἡ διατήρησις τῶν κεκτημένων δικαιωμάτων.

ΤΟ ΟΡΙΟΝ ΗΛΙΚΙΑΣ

ΑΘΗΝΑΙ, 12. — Ἡ διοίκησις τῆς ὁμοσπονδίας τῶν ἰδιωτικῶν ὑπαλλήλων ἐξέδωσεν ἀνακοίνωσιν διὰ τῆς ὁποίας τάσσεται κατὰ τῆς καταργήσεως τῶν κλαδικῶν ταμείων. Εἰς τὴν ἀνακοίνωσιν τονίζεται ὅτι ἡ συγχώνευσις πρέπει νὰ γίνῃ μόνον εἰς τὰς περιπτώσεις κατὰ τὰς ὁποίας τὰ ταμεῖα ἐμφανίζουν ἀδυναμίας καὶ ἀδυνατοῦν νὰ ἀνταποκριθοῦν εἰς τὰς ὑποχρεώσεις των πρὸς τοὺς ἠσφαλισμένους. Ἐπίσης ζητεῖται ἡ διατήρησις τῶν κεκτημένων δικαιωμάτων.

ΔΥΟ ΟΙ ΝΕΚΡΟΙ ΚΑΙ 16 ΟΙ ΤΡΑΥΜΑΤΙΑΙ ΕΚ ΔΙΑΦΟΡΩΝ ΤΡΟΧΑΙΩΝ ΔΥΣΤΥΧΗΜΑΤΩΝ

ΑΘΗΝΑΙ, 12. — Ἡ διοίκησις τῆς ὁμοσπονδίας τῶν ἰδιωτικῶν ὑπαλλήλων ἐξέδωσεν ἀνακοίνωσιν διὰ τῆς ὁποίας τάσσεται κατὰ τῆς καταργήσεως τῶν κλαδικῶν ταμείων. Εἰς τὴν ἀνακοίνωσιν τονίζεται ὅτι ἡ συγχώνευσις πρέπει νὰ γίνῃ μόνον εἰς τὰς περιπτώσεις κατὰ τὰς ὁποίας τὰ ταμεῖα ἐμφανίζουν ἀδυναμίας καὶ ἀδυνατοῦν νὰ ἀνταποκριθοῦν εἰς τὰς ὑποχρεώσεις των πρὸς τοὺς ἠσφαλισμένους. Ἐπίσης ζητεῖται ἡ διατήρησις τῶν κεκτημένων δικαιωμάτων.

ΑΘΗΝΑΙ, 12. — Ἡ διοίκησις τῆς ὁμοσπονδίας τῶν ἰδιωτικῶν ὑπαλλήλων ἐξέδωσεν ἀνακοίνωσιν διὰ τῆς ὁποίας τάσσεται κατὰ τῆς καταργήσεως τῶν κλαδικῶν ταμείων. Εἰς τὴν ἀνακοίνωσιν τονίζεται ὅτι ἡ συγχώνευσις πρέπει νὰ γίνῃ μόνον εἰς τὰς περιπτώσεις κατὰ τὰς ὁποίας τὰ ταμεῖα ἐμφανίζουν ἀδυναμίας καὶ ἀδυνατοῦν νὰ ἀνταποκριθοῦν εἰς τὰς ὑποχρεώσεις των πρὸς τοὺς ἠσφαλισμένους. Ἐπίσης ζητεῖται ἡ διατήρησις τῶν κεκτημένων δικαιωμάτων.

ΑΘΗΝΑΙ, 12. — Ἡ διοίκησις τῆς ὁμοσπονδίας τῶν ἰδιωτικῶν ὑπαλλήλων ἐξέδωσεν ἀνακοίνωσιν διὰ τῆς ὁποίας τάσσεται κατὰ τῆς καταργήσεως τῶν κλαδικῶν ταμείων. Εἰς τὴν ἀνακοίνωσιν τονίζεται ὅτι ἡ συγχώνευσις πρέπει νὰ γίνῃ μόνον εἰς τὰς περιπτώσεις κατὰ τὰς ὁποίας τὰ ταμεῖα ἐμφανίζουν ἀδυναμίας καὶ ἀδυνατοῦν νὰ ἀνταποκριθοῦν εἰς τὰς ὑποχρεώσεις των πρὸς τοὺς ἠσφαλισμένους. Ἐπίσης ζητεῖται ἡ διατήρησις τῶν κεκτημένων δικαιωμάτων.

ΤΡΑΥΜΑΤΙΣΘΗ ΓΡΑΙΑ

ΑΘΗΝΑΙ, 12. — Ἡ διοίκησις τῆς ὁμοσπονδίας τῶν ἰδιωτικῶν ὑπαλλήλων ἐξέδωσεν ἀνακοίνωσιν διὰ τῆς ὁποίας τάσσεται κατὰ τῆς καταργήσεως τῶν κλαδικῶν ταμείων. Εἰς τὴν ἀνακοίνωσιν τονίζεται ὅτι ἡ συγχώνευσις πρέπει νὰ γίνῃ μόνον εἰς τὰς περιπτώσεις κατὰ τὰς ὁποίας τὰ ταμεῖα ἐμφανίζουν ἀδυναμίας καὶ ἀδυνατοῦν νὰ ἀνταποκριθοῦν εἰς τὰς ὑποχρεώσεις των πρὸς τοὺς ἠσφαλισμένους. Ἐπίσης ζητεῖται ἡ διατήρησις τῶν κεκτημένων δικαιωμάτων.

ΔΥΟ ΤΡΑΥΜΑΤΙΑΙ

ΑΘΗΝΑΙ, 12. — Ἡ διοίκησις τῆς ὁμοσπονδίας τῶν ἰδιωτικῶν ὑπαλλήλων ἐξέδωσεν ἀνακοίνωσιν διὰ τῆς ὁποίας τάσσεται κατὰ τῆς καταργήσεως τῶν κλαδικῶν ταμείων. Εἰς τὴν ἀνακοίνωσιν τονίζεται ὅτι ἡ συγχώνευσις πρέπει νὰ γίνῃ μόνον εἰς τὰς περιπτώσεις κατὰ τὰς ὁποίας τὰ ταμεῖα ἐμφανίζουν ἀδυναμίας καὶ ἀδυνατοῦν νὰ ἀνταποκριθοῦν εἰς τὰς ὑποχρεώσεις των πρὸς τοὺς ἠσφαλισμένους. Ἐπίσης ζητεῖται ἡ διατήρησις τῶν κεκτημένων δικαιωμάτων.

ΘΑΝΑΤΗΦΟΡΟΣ ΑΝΑΤΡΟΠΗ
ΘΑΝΑΤΗΦΟΡΟΣ ΠΤΩΣΙΣ
ΚΑΘΟΛΙΚΗ Η ΣΥΜΜΕΤΟΧΗ ΑΠΟΤΑΜΙΕΥΤΩΝ ΕΙΣ ΤΟ ΔΑΝΕΙΟΝ ΟΙΚΟΝΟΜΙΚΗΣ ΑΝΑΠΤΥΞΕΩΣ

ΑΘΗΝΑΙ, 12. — Ἡ διοίκησις τῆς ὁμοσπονδίας τῶν ἰδιωτικῶν ὑπαλλήλων ἐξέδωσεν ἀνακοίνωσιν διὰ τῆς ὁποίας τάσσεται κατὰ τῆς καταργήσεως τῶν κλαδικῶν ταμείων. Εἰς τὴν ἀνακοίνωσιν τονίζεται ὅτι ἡ συγχώνευσις πρέπει νὰ γίνῃ μόνον εἰς τὰς περιπτώσεις κατὰ τὰς ὁποίας τὰ ταμεῖα ἐμφανίζουν ἀδυναμίας καὶ ἀδυνατοῦν νὰ ἀνταποκριθοῦν εἰς τὰς ὑποχρεώσεις των πρὸς τοὺς ἠσφαλισμένους. Ἐπίσης ζητεῖται ἡ διατήρησις τῶν κεκτημένων δικαιωμάτων.

ΑΘΗΝΑΙ, 12. — Ἡ διοίκησις τῆς ὁμοσπονδίας τῶν ἰδιωτικῶν ὑπαλλήλων ἐξέδωσεν ἀνακοίνωσιν διὰ τῆς ὁποίας τάσσεται κατὰ τῆς καταργήσεως τῶν κλαδικῶν ταμείων. Εἰς τὴν ἀνακοίνωσιν τονίζεται ὅτι ἡ συγχώνευσις πρέπει νὰ γίνῃ μόνον εἰς τὰς περιπτώσεις κατὰ τὰς ὁποίας τὰ ταμεῖα ἐμφανίζουν ἀδυναμίας καὶ ἀδυνατοῦν νὰ ἀνταποκριθοῦν εἰς τὰς ὑποχρεώσεις των πρὸς τοὺς ἠσφαλισμένους. Ἐπίσης ζητεῖται ἡ διατήρησις τῶν κεκτημένων δικαιωμάτων.

ΑΙ ΕΞΕΤΑΣΕΙΣ ΗΣΦΑΛΙΣΜΕΝΩΝ ΕΙΣ ΤΑ ΙΑΤΡΕΙΑ ΤΩΝ ΝΟΣΟΚΟΜΕΙΩΝ

ΑΘΗΝΑΙ, 12. — Ἀπὸ τῆς προσεχοῦς ἑβδομάδος αἱ ἐξετάσεις τῶν ἠσφαλισμένων θὰ διενεργοῦνται εἰς τὰ ἐξωτερικὰ ἰατρεῖα τῶν νοσοκομείων συμφώνως πρὸς τὸ νέον πρόγραμμα. Οἱ ἠσφαλισμένοι καλοῦνται νὰ προσέρχωνται μὲ τὰ βιβλιάριά των κατὰ τὰς ὥρας λειτουργίας τῶν ἰατρείων.

ΑΘΗΝΑΙ, 12. — Ἀπὸ τῆς προσεχοῦς ἑβδομάδος αἱ ἐξετάσεις τῶν ἠσφαλισμένων θὰ διενεργοῦνται εἰς τὰ ἐξωτερικὰ ἰατρεῖα τῶν νοσοκομείων συμφώνως πρὸς τὸ νέον πρόγραμμα. Οἱ ἠσφαλισμένοι καλοῦνται νὰ προσέρχωνται μὲ τὰ βιβλιάριά των κατὰ τὰς ὥρας λειτουργίας τῶν ἰατρείων.

ΡΩΣΣΟΙ ΤΕΧΝΙΚΟΙ ΘΑ ΚΑΤΑΣΚΕΥΑΣΟΥΝ «ΥΠΟΚΡΙΩΝ» ΕΙΣ ΚΩΝΣΤΑΝΤΙΝΟΥΠΟΛΙΝ

ΑΘΗΝΑΙ, 12. — Ἀπὸ τῆς προσεχοῦς ἑβδομάδος αἱ ἐξετάσεις τῶν ἠσφαλισμένων θὰ διενεργοῦνται εἰς τὰ ἐξωτερικὰ ἰατρεῖα τῶν νοσοκομείων συμφώνως πρὸς τὸ νέον πρόγραμμα. Οἱ ἠσφαλισμένοι καλοῦνται νὰ προσέρχωνται μὲ τὰ βιβλιάριά των κατὰ τὰς ὥρας λειτουργίας τῶν ἰατρείων.

ΑΘΗΝΑΙ, 12. — Ἀπὸ τῆς προσεχοῦς ἑβδομάδος αἱ ἐξετάσεις τῶν ἠσφαλισμένων θὰ διενεργοῦνται εἰς τὰ ἐξωτερικὰ ἰατρεῖα τῶν νοσοκομείων συμφώνως πρὸς τὸ νέον πρόγραμμα. Οἱ ἠσφαλισμένοι καλοῦνται νὰ προσέρχωνται μὲ τὰ βιβλιάριά των κατὰ τὰς ὥρας λειτουργίας τῶν ἰατρείων.

ΦΕΡΡΥ — ΜΠΟΤ ΘΑ ΕΠΙΚΟΙΝΩΝΕΙ ΕΚ ΛΑΘΟΥΣ

ΑΘΗΝΑΙ, 12. — Ἀπὸ τῆς προσεχοῦς ἑβδομάδος αἱ ἐξετάσεις τῶν ἠσφαλισμένων θὰ διενεργοῦνται εἰς τὰ ἐξωτερικὰ ἰατρεῖα τῶν νοσοκομείων συμφώνως πρὸς τὸ νέον πρόγραμμα. Οἱ ἠσφαλισμένοι καλοῦνται νὰ προσέρχωνται μὲ τὰ βιβλιάριά των κατὰ τὰς ὥρας λειτουργίας τῶν ἰατρείων.

ΑΘΗΝΑΙ, 12. — Ἀπὸ τῆς προσεχοῦς ἑβδομάδος αἱ ἐξετάσεις τῶν ἠσφαλισμένων θὰ διενεργοῦνται εἰς τὰ ἐξωτερικὰ ἰατρεῖα τῶν νοσοκομείων συμφώνως πρὸς τὸ νέον πρόγραμμα. Οἱ ἠσφαλισμένοι καλοῦνται νὰ προσέρχωνται μὲ τὰ βιβλιάριά των κατὰ τὰς ὥρας λειτουργίας τῶν ἰατρείων.

Ο «ΚΟΣΕΒΟΥ» ΕΚΛΗΘΗ ΝΑ ΕΠΙΣΤΡΕΨΗ ΕΙΣ ΤΗΝ ΜΟΣΧΑΝ

ΑΘΗΝΑΙ, 12. — Ἀπὸ τῆς προσεχοῦς ἑβδομάδος αἱ ἐξετάσεις τῶν ἠσφαλισμένων θὰ διενεργοῦνται εἰς τὰ ἐξωτερικὰ ἰατρεῖα τῶν νοσοκομείων συμφώνως πρὸς τὸ νέον πρόγραμμα. Οἱ ἠσφαλισμένοι καλοῦνται νὰ προσέρχωνται μὲ τὰ βιβλιάριά των κατὰ τὰς ὥρας λειτουργίας τῶν ἰατρείων.

ΑΘΗΝΑΙ, 12. — Ἀπὸ τῆς προσεχοῦς ἑβδομάδος αἱ ἐξετάσεις τῶν ἠσφαλισμένων θὰ διενεργοῦνται εἰς τὰ ἐξωτερικὰ ἰατρεῖα τῶν νοσοκομείων συμφώνως πρὸς τὸ νέον πρόγραμμα. Οἱ ἠσφαλισμένοι καλοῦνται νὰ προσέρχωνται μὲ τὰ βιβλιάριά των κατὰ τὰς ὥρας λειτουργίας τῶν ἰατρείων.

ΤΡΕΙΣ ΝΕΚΡΟΙ ΕΞ ΕΚΡΗΞΕΩΣ ΑΕΡΙΟΦΩΤΟΣ

ΑΘΗΝΑΙ, 12. — Ἀπὸ τῆς προσεχοῦς ἑβδομάδος αἱ ἐξετάσεις τῶν ἠσφαλισμένων θὰ διενεργοῦνται εἰς τὰ ἐξωτερικὰ ἰατρεῖα τῶν νοσοκομείων συμφώνως πρὸς τὸ νέον πρόγραμμα. Οἱ ἠσφαλισμένοι καλοῦνται νὰ προσέρχωνται μὲ τὰ βιβλιάριά των κατὰ τὰς ὥρας λειτουργίας τῶν ἰατρείων.

ΤΡΑΓΙΚΟΣ ΘΑΝΑΤΟΣ ΤΟΥ ΥΙΟΥ ΤΟΥ ΝΑΓΚΙΜΠ

ΑΘΗΝΑΙ, 12. — Ἀπὸ τῆς προσεχοῦς ἑβδομάδος αἱ ἐξετάσεις τῶν ἠσφαλισμένων θὰ διενεργοῦνται εἰς τὰ ἐξωτερικὰ ἰατρεῖα τῶν νοσοκομείων συμφώνως πρὸς τὸ νέον πρόγραμμα. Οἱ ἠσφαλισμένοι καλοῦνται νὰ προσέρχωνται μὲ τὰ βιβλιάριά των κατὰ τὰς ὥρας λειτουργίας τῶν ἰατρείων.

ΚΥΛΙΟΜΕΝΟΙ ΤΑΠΗΤΕΣ ΕΙΣ ΤΟ ΑΕΡΟΔΡΟΜΙΟΝ ΤΩΝ ΠΑΡΙΣΙΩΝ

ΑΘΗΝΑΙ, 12. — Ἀπὸ τῆς προσεχοῦς ἑβδομάδος αἱ ἐξετάσεις τῶν ἠσφαλισμένων θὰ διενεργοῦνται εἰς τὰ ἐξωτερικὰ ἰατρεῖα τῶν νοσοκομείων συμφώνως πρὸς τὸ νέον πρόγραμμα. Οἱ ἠσφαλισμένοι καλοῦνται νὰ προσέρχωνται μὲ τὰ βιβλιάριά των κατὰ τὰς ὥρας λειτουργίας τῶν ἰατρείων.

Η ΑΓΓΕΛΙΑ ΓΑΜΟΥ ΤΟΥ ΓΚΟΥΝΤΕΡ ΣΑΧΣ ΜΕ ΤΗΝ ΣΟΥΡΛΑΝ

ΑΘΗΝΑΙ, 12. — Ἀπὸ τῆς προσεχοῦς ἑβδομάδος αἱ ἐξετάσεις τῶν ἠσφαλισμένων θὰ διενεργοῦνται εἰς τὰ ἐξωτερικὰ ἰατρεῖα τῶν νοσοκομείων συμφώνως πρὸς τὸ νέον πρόγραμμα. Οἱ ἠσφαλισμένοι καλοῦνται νὰ προσέρχωνται μὲ τὰ βιβλιάριά των κατὰ τὰς ὥρας λειτουργίας τῶν ἰατρείων.

Σελίς 7
ΘΑ ΕΠΕΚΤΑΘΟΥΝ ΚΑΙ ΕΙΣ ΘΕΣΣΑΛΟΝΙΚΗΝ ΟΙ ΧΩΡΟΙ ΤΗΣ ΕΤΑΙΡΕΙΑΣ ΛΑΜΠΡΟΠΟΥΛΟΥ
ΠΛΗΡΕΣ ΣΥΣΤΗΜΑ ΚΥΛΙΟΜΕΝΩΝ ΚΛΙΜΑΚΩΝ

ΑΘΗΝΑΙ, 12. — Ἡ ἑταιρεία ἀνεκοίνωσεν ὅτι ἀποφασίσθη ἡ ἐπέκτασις τῶν ἐγκαταστάσεών της καὶ εἰς Θεσσαλονίκην, ὅπου θὰ λειτουργήσῃ νέον κατάστημα ἐφωδιασμένον μὲ πλῆρες σύστημα κυλιομένων κλιμάκων, κατὰ τὰ πρότυπα τῶν μεγάλων καταστημάτων τοῦ ἐξωτερικοῦ.

ΔΙΑΦΩΝΙΑΙ ΑΝΕΦΥΗΣΑΝ ΕΙΣ ΤΗΝ ΕΟΚ ΕΠΙ ΤΟΥ ΥΦΟΥΣ ΠΑΡΑΓΩΓΗΣ ΚΑΠΝΟΥ

ΑΘΗΝΑΙ, 12. — Ἡ ἑταιρεία ἀνεκοίνωσεν ὅτι ἀποφασίσθη ἡ ἐπέκτασις τῶν ἐγκαταστάσεών της καὶ εἰς Θεσσαλονίκην, ὅπου θὰ λειτουργήσῃ νέον κατάστημα ἐφωδιασμένον μὲ πλῆρες σύστημα κυλιομένων κλιμάκων, κατὰ τὰ πρότυπα τῶν μεγάλων καταστημάτων τοῦ ἐξωτερικοῦ.

ΤΟ ΣΟΥΔΑΝ ΚΑΤΑΡΓΕΙ ΤΗΝ ΕΝ ΑΘΗΝΑΙΣ ΠΡΕΣΒΕΙΑΝ ΤΟΥ

ΑΘΗΝΑΙ, 12. — Ἡ ἑταιρεία ἀνεκοίνωσεν ὅτι ἀποφασίσθη ἡ ἐπέκτασις τῶν ἐγκαταστάσεών της καὶ εἰς Θεσσαλονίκην, ὅπου θὰ λειτουργήσῃ νέον κατάστημα ἐφωδιασμένον μὲ πλῆρες σύστημα κυλιομένων κλιμάκων, κατὰ τὰ πρότυπα τῶν μεγάλων καταστημάτων τοῦ ἐξωτερικοῦ.

ΠΟΛΩΝΙΚΗ ΜΕΘΟΔΟΣ ΑΦΑΛΑΤΩΣΕΩΣ ΤΟΥ ΥΔΑΤΟΣ

ΑΘΗΝΑΙ, 12. — Ἡ ἑταιρεία ἀνεκοίνωσεν ὅτι ἀποφασίσθη ἡ ἐπέκτασις τῶν ἐγκαταστάσεών της καὶ εἰς Θεσσαλονίκην, ὅπου θὰ λειτουργήσῃ νέον κατάστημα ἐφωδιασμένον μὲ πλῆρες σύστημα κυλιομένων κλιμάκων, κατὰ τὰ πρότυπα τῶν μεγάλων καταστημάτων τοῦ ἐξωτερικοῦ.

ΓΑΛΛΟΙ ΙΑΤΡΟΙ ΚΑΤΗΓΟΡΟΥΝ ΣΥΝΔΕΘΕΝΤΟΥ ΤΩΝ ΩΣ ΥΠΕΥΘΥΝΟΥΣ ΤΟΥ ΘΑΝΑΤΟΥ ΓΥΝΑΙΚΟΣ ΣΥΝΕΠΕΙΑ ΣΕΙΡΑΣ ΣΟΒΑΡΩΤΑΤΩΝ ΣΦΑΛΜΑΤΩΝ

ΑΘΗΝΑΙ, 12. — Ἡ ἑταιρεία ἀνεκοίνωσεν ὅτι ἀποφασίσθη ἡ ἐπέκτασις τῶν ἐγκαταστάσεών της καὶ εἰς Θεσσαλονίκην, ὅπου θὰ λειτουργήσῃ νέον κατάστημα ἐφωδιασμένον μὲ πλῆρες σύστημα κυλιομένων κλιμάκων, κατὰ τὰ πρότυπα τῶν μεγάλων καταστημάτων τοῦ ἐξωτερικοῦ.

ΑΘΗΝΑΙ, 12. — Ἡ ἑταιρεία ἀνεκοίνωσεν ὅτι ἀποφασίσθη ἡ ἐπέκτασις τῶν ἐγκαταστάσεών της καὶ εἰς Θεσσαλονίκην, ὅπου θὰ λειτουργήσῃ νέον κατάστημα ἐφωδιασμένον μὲ πλῆρες σύστημα κυλιομένων κλιμάκων, κατὰ τὰ πρότυπα τῶν μεγάλων καταστημάτων τοῦ ἐξωτερικοῦ.

ΚΑΤΕΣΚΕΥΑΣΘΗΣΑΝ 9,852 ΚΟΙΝΩΦΕΛΗ ΕΡΓΑ ΕΙΣ ΔΗΜΟΥΣ ΚΑΙ ΚΟΙΝΟΤΗΤΑΣ ΣΥΝΟΛΙΚΗΣ ΔΑΠΑΝΗΣ 1,185.000.000 ΔΡΑΧΜΩΝ

ΑΘΗΝΑΙ, 12. — Ἡ ἑταιρεία ἀνεκοίνωσεν ὅτι ἀποφασίσθη ἡ ἐπέκτασις τῶν ἐγκαταστάσεών της καὶ εἰς Θεσσαλονίκην, ὅπου θὰ λειτουργήσῃ νέον κατάστημα ἐφωδιασμένον μὲ πλῆρες σύστημα κυλιομένων κλιμάκων, κατὰ τὰ πρότυπα τῶν μεγάλων καταστημάτων τοῦ ἐξωτερικοῦ.

ΑΘΗΝΑΙ, 12. — Ἡ ἑταιρεία ἀνεκοίνωσεν ὅτι ἀποφασίσθη ἡ ἐπέκτασις τῶν ἐγκαταστάσεών της καὶ εἰς Θεσσαλονίκην, ὅπου θὰ λειτουργήσῃ νέον κατάστημα ἐφωδιασμένον μὲ πλῆρες σύστημα κυλιομένων κλιμάκων, κατὰ τὰ πρότυπα τῶν μεγάλων καταστημάτων τοῦ ἐξωτερικοῦ.

ΑΓΝΩΣΤΟΙ ΕΛΗΣΤΕΥΣΑΝ ΘΩΡΑΚΙΣΜΕΝΟΝ ΑΥΤΟΚΙΝΗΤΟΝ ΚΑΙ ΣΥΝΑΠΕΚΟΜΙΣΑΝ 1,5 ΕΚΑΤΟΜΜΥΡΙΑ ΔΟΛΛΑΡΙΩΝ

ΑΘΗΝΑΙ, 12. — Ἡ ἑταιρεία ἀνεκοίνωσεν ὅτι ἀποφασίσθη ἡ ἐπέκτασις τῶν ἐγκαταστάσεών της καὶ εἰς Θεσσαλονίκην, ὅπου θὰ λειτουργήσῃ νέον κατάστημα ἐφωδιασμένον μὲ πλῆρες σύστημα κυλιομένων κλιμάκων, κατὰ τὰ πρότυπα τῶν μεγάλων καταστημάτων τοῦ ἐξωτερικοῦ.

ΕΜΠΡΗΣΤΙΚΗ ΒΟΜΒΑ ΕΙΣ ΚΑΤΑΣΤΗΜΑ ΥΠΟΔΗΜΑΤΩΝ ΑΝΕΚΑΛΥΦΘΗ ΚΑΙ ΑΦΩΠΛΙΣΘΗ ΥΠΟ ΤΩΝ ΑΡΧΩΝ
ΣΥΝΕΧΕΙΑ ΕΚ ΤΗΣ 1ΗΣ ΣΕΛ.

ΑΘΗΝΑΙ, 12. — Ἡ ἑταιρεία ἀνεκοίνωσεν ὅτι ἀποφασίσθη ἡ ἐπέκτασις τῶν ἐγκαταστάσεών της καὶ εἰς Θεσσαλονίκην, ὅπου θὰ λειτουργήσῃ νέον κατάστημα ἐφωδιασμένον μὲ πλῆρες σύστημα κυλιομένων κλιμάκων, κατὰ τὰ πρότυπα τῶν μεγάλων καταστημάτων τοῦ ἐξωτερικοῦ.

ΤΡΩΓΟΝ ΑΦΟΒΩΣ

ΑΘΗΝΑΙ, 12. — Ἡ ἑταιρεία ἀνεκοίνωσεν ὅτι ἀποφασίσθη ἡ ἐπέκτασις τῶν ἐγκαταστάσεών της καὶ εἰς Θεσσαλονίκην, ὅπου θὰ λειτουργήσῃ νέον κατάστημα ἐφωδιασμένον μὲ πλῆρες σύστημα κυλιομένων κλιμάκων, κατὰ τὰ πρότυπα τῶν μεγάλων καταστημάτων τοῦ ἐξωτερικοῦ.

ΑΝΑΚΑΛΥΨΙΣ ΒΟΜΒΑΣ

ΑΘΗΝΑΙ, 12. — Ἡ ἑταιρεία ἀνεκοίνωσεν ὅτι ἀποφασίσθη ἡ ἐπέκτασις τῶν ἐγκαταστάσεών της καὶ εἰς Θεσσαλονίκην, ὅπου θὰ λειτουργήσῃ νέον κατάστημα ἐφωδιασμένον μὲ πλῆρες σύστημα κυλιομένων κλιμάκων, κατὰ τὰ πρότυπα τῶν μεγάλων καταστημάτων τοῦ ἐξωτερικοῦ.

ΚΑΤΕΦΥΓΕΝ ΕΙΣ ΤΗΝ ΔΥΣΙΝ

ΑΘΗΝΑΙ, 12. — Ἡ ἑταιρεία ἀνεκοίνωσεν ὅτι ἀποφασίσθη ἡ ἐπέκτασις τῶν ἐγκαταστάσεών της καὶ εἰς Θεσσαλονίκην, ὅπου θὰ λειτουργήσῃ νέον κατάστημα ἐφωδιασμένον μὲ πλῆρες σύστημα κυλιομένων κλιμάκων, κατὰ τὰ πρότυπα τῶν μεγάλων καταστημάτων τοῦ ἐξωτερικοῦ.

ΕΥΝΟΪΚΑΙ ΕΙΝΑΙ ΑΙ ΚΑΙΡΙΚΑΙ ΣΥΝΘΗΚΑΙ ΔΙΑ ΤΗΝ ΕΚΤΟΞΕΥΣΙΝ ΤΟΥ «ΑΠΟΛΛΩΝ 12»
Νέον «Κόσμον» ἐξετόξευσαν οἱ Ρῶσσοι

ΑΚΡΩΤΗΡΙΟΝ ΚΕΝΝΕΝΤΥ, 12. — Οἱ ὑπεύθυνοι τῆς ἀποστολῆς ἀνεκοίνωσαν ὅτι αἱ καιρικαὶ συνθῆκαι εἰς τὴν περιοχὴν τοῦ ἀκρωτηρίου εἶναι εὐνοϊκαὶ διὰ τὴν ἐκτόξευσιν τοῦ διαστημοπλοίου, ἡ ὁποία θὰ πραγματοποιηθῇ ὡς προεγράφη. Οἱ τρεῖς ἀστροναῦται εὑρίσκονται εἰς ἀρίστην κατάστασιν καὶ συνεχίζουν τὴν προετοιμασίαν των. Ἐν τῷ μεταξὺ ἡ Σοβιετικὴ Ἕνωσις ἀνεκοίνωσε τὴν ἐκτόξευσιν νέου δορυφόρου τῆς σειρᾶς «Κόσμος».

ΑΚΡΩΤΗΡΙΟΝ ΚΕΝΝΕΝΤΥ, 12. — Οἱ ὑπεύθυνοι τῆς ἀποστολῆς ἀνεκοίνωσαν ὅτι αἱ καιρικαὶ συνθῆκαι εἰς τὴν περιοχὴν τοῦ ἀκρωτηρίου εἶναι εὐνοϊκαὶ διὰ τὴν ἐκτόξευσιν τοῦ διαστημοπλοίου, ἡ ὁποία θὰ πραγματοποιηθῇ ὡς προεγράφη. Οἱ τρεῖς ἀστροναῦται εὑρίσκονται εἰς ἀρίστην κατάστασιν καὶ συνεχίζουν τὴν προετοιμασίαν των. Ἐν τῷ μεταξὺ ἡ Σοβιετικὴ Ἕνωσις ἀνεκοίνωσε τὴν ἐκτόξευσιν νέου δορυφόρου τῆς σειρᾶς «Κόσμος».

ΑΚΡΩΤΗΡΙΟΝ ΚΕΝΝΕΝΤΥ, 12. — Οἱ ὑπεύθυνοι τῆς ἀποστολῆς ἀνεκοίνωσαν ὅτι αἱ καιρικαὶ συνθῆκαι εἰς τὴν περιοχὴν τοῦ ἀκρωτηρίου εἶναι εὐνοϊκαὶ διὰ τὴν ἐκτόξευσιν τοῦ διαστημοπλοίου, ἡ ὁποία θὰ πραγματοποιηθῇ ὡς προεγράφη. Οἱ τρεῖς ἀστροναῦται εὑρίσκονται εἰς ἀρίστην κατάστασιν καὶ συνεχίζουν τὴν προετοιμασίαν των. Ἐν τῷ μεταξὺ ἡ Σοβιετικὴ Ἕνωσις ἀνεκοίνωσε τὴν ἐκτόξευσιν νέου δορυφόρου τῆς σειρᾶς «Κόσμος».

ΑΙ ΚΑΙΡΙΚΑΙ ΣΥΝΘΗΚΑΙ

ΑΚΡΩΤΗΡΙΟΝ ΚΕΝΝΕΝΤΥ, 12. — Οἱ ὑπεύθυνοι τῆς ἀποστολῆς ἀνεκοίνωσαν ὅτι αἱ καιρικαὶ συνθῆκαι εἰς τὴν περιοχὴν τοῦ ἀκρωτηρίου εἶναι εὐνοϊκαὶ διὰ τὴν ἐκτόξευσιν τοῦ διαστημοπλοίου, ἡ ὁποία θὰ πραγματοποιηθῇ ὡς προεγράφη. Οἱ τρεῖς ἀστροναῦται εὑρίσκονται εἰς ἀρίστην κατάστασιν καὶ συνεχίζουν τὴν προετοιμασίαν των. Ἐν τῷ μεταξὺ ἡ Σοβιετικὴ Ἕνωσις ἀνεκοίνωσε τὴν ἐκτόξευσιν νέου δορυφόρου τῆς σειρᾶς «Κόσμος».

ΠΟΤΟΝ ΣΥΜΠΤΩΝ ΠΡΟΣΕΔΑΦΙΣΕΩΣ

ΑΚΡΩΤΗΡΙΟΝ ΚΕΝΝΕΝΤΥ, 12. — Οἱ ὑπεύθυνοι τῆς ἀποστολῆς ἀνεκοίνωσαν ὅτι αἱ καιρικαὶ συνθῆκαι εἰς τὴν περιοχὴν τοῦ ἀκρωτηρίου εἶναι εὐνοϊκαὶ διὰ τὴν ἐκτόξευσιν τοῦ διαστημοπλοίου, ἡ ὁποία θὰ πραγματοποιηθῇ ὡς προεγράφη. Οἱ τρεῖς ἀστροναῦται εὑρίσκονται εἰς ἀρίστην κατάστασιν καὶ συνεχίζουν τὴν προετοιμασίαν των. Ἐν τῷ μεταξὺ ἡ Σοβιετικὴ Ἕνωσις ἀνεκοίνωσε τὴν ἐκτόξευσιν νέου δορυφόρου τῆς σειρᾶς «Κόσμος».

ΑΚΡΩΤΗΡΙΟΝ ΚΕΝΝΕΝΤΥ, 12. — Οἱ ὑπεύθυνοι τῆς ἀποστολῆς ἀνεκοίνωσαν ὅτι αἱ καιρικαὶ συνθῆκαι εἰς τὴν περιοχὴν τοῦ ἀκρωτηρίου εἶναι εὐνοϊκαὶ διὰ τὴν ἐκτόξευσιν τοῦ διαστημοπλοίου, ἡ ὁποία θὰ πραγματοποιηθῇ ὡς προεγράφη. Οἱ τρεῖς ἀστροναῦται εὑρίσκονται εἰς ἀρίστην κατάστασιν καὶ συνεχίζουν τὴν προετοιμασίαν των. Ἐν τῷ μεταξὺ ἡ Σοβιετικὴ Ἕνωσις ἀνεκοίνωσε τὴν ἐκτόξευσιν νέου δορυφόρου τῆς σειρᾶς «Κόσμος».

ΤΟ «ΑΡΑΘΡΟΘ» ΣΥΝΕΞΙΣΕΩΣ

ΑΚΡΩΤΗΡΙΟΝ ΚΕΝΝΕΝΤΥ, 12. — Οἱ ὑπεύθυνοι τῆς ἀποστολῆς ἀνεκοίνωσαν ὅτι αἱ καιρικαὶ συνθῆκαι εἰς τὴν περιοχὴν τοῦ ἀκρωτηρίου εἶναι εὐνοϊκαὶ διὰ τὴν ἐκτόξευσιν τοῦ διαστημοπλοίου, ἡ ὁποία θὰ πραγματοποιηθῇ ὡς προεγράφη. Οἱ τρεῖς ἀστροναῦται εὑρίσκονται εἰς ἀρίστην κατάστασιν καὶ συνεχίζουν τὴν προετοιμασίαν των. Ἐν τῷ μεταξὺ ἡ Σοβιετικὴ Ἕνωσις ἀνεκοίνωσε τὴν ἐκτόξευσιν νέου δορυφόρου τῆς σειρᾶς «Κόσμος».

ΑΚΡΩΤΗΡΙΟΝ ΚΕΝΝΕΝΤΥ, 12. — Οἱ ὑπεύθυνοι τῆς ἀποστολῆς ἀνεκοίνωσαν ὅτι αἱ καιρικαὶ συνθῆκαι εἰς τὴν περιοχὴν τοῦ ἀκρωτηρίου εἶναι εὐνοϊκαὶ διὰ τὴν ἐκτόξευσιν τοῦ διαστημοπλοίου, ἡ ὁποία θὰ πραγματοποιηθῇ ὡς προεγράφη. Οἱ τρεῖς ἀστροναῦται εὑρίσκονται εἰς ἀρίστην κατάστασιν καὶ συνεχίζουν τὴν προετοιμασίαν των. Ἐν τῷ μεταξὺ ἡ Σοβιετικὴ Ἕνωσις ἀνεκοίνωσε τὴν ἐκτόξευσιν νέου δορυφόρου τῆς σειρᾶς «Κόσμος».

«ΝΕΟΣ ΚΟΣΜΟΣ»

ΑΚΡΩΤΗΡΙΟΝ ΚΕΝΝΕΝΤΥ, 12. — Οἱ ὑπεύθυνοι τῆς ἀποστολῆς ἀνεκοίνωσαν ὅτι αἱ καιρικαὶ συνθῆκαι εἰς τὴν περιοχὴν τοῦ ἀκρωτηρίου εἶναι εὐνοϊκαὶ διὰ τὴν ἐκτόξευσιν τοῦ διαστημοπλοίου, ἡ ὁποία θὰ πραγματοποιηθῇ ὡς προεγράφη. Οἱ τρεῖς ἀστροναῦται εὑρίσκονται εἰς ἀρίστην κατάστασιν καὶ συνεχίζουν τὴν προετοιμασίαν των. Ἐν τῷ μεταξὺ ἡ Σοβιετικὴ Ἕνωσις ἀνεκοίνωσε τὴν ἐκτόξευσιν νέου δορυφόρου τῆς σειρᾶς «Κόσμος».

ΑΙ ΑΣΤΡΟΛΟΓΟΙ

ΑΚΡΩΤΗΡΙΟΝ ΚΕΝΝΕΝΤΥ, 12. — Οἱ ὑπεύθυνοι τῆς ἀποστολῆς ἀνεκοίνωσαν ὅτι αἱ καιρικαὶ συνθῆκαι εἰς τὴν περιοχὴν τοῦ ἀκρωτηρίου εἶναι εὐνοϊκαὶ διὰ τὴν ἐκτόξευσιν τοῦ διαστημοπλοίου, ἡ ὁποία θὰ πραγματοποιηθῇ ὡς προεγράφη. Οἱ τρεῖς ἀστροναῦται εὑρίσκονται εἰς ἀρίστην κατάστασιν καὶ συνεχίζουν τὴν προετοιμασίαν των. Ἐν τῷ μεταξὺ ἡ Σοβιετικὴ Ἕνωσις ἀνεκοίνωσε τὴν ἐκτόξευσιν νέου δορυφόρου τῆς σειρᾶς «Κόσμος».
